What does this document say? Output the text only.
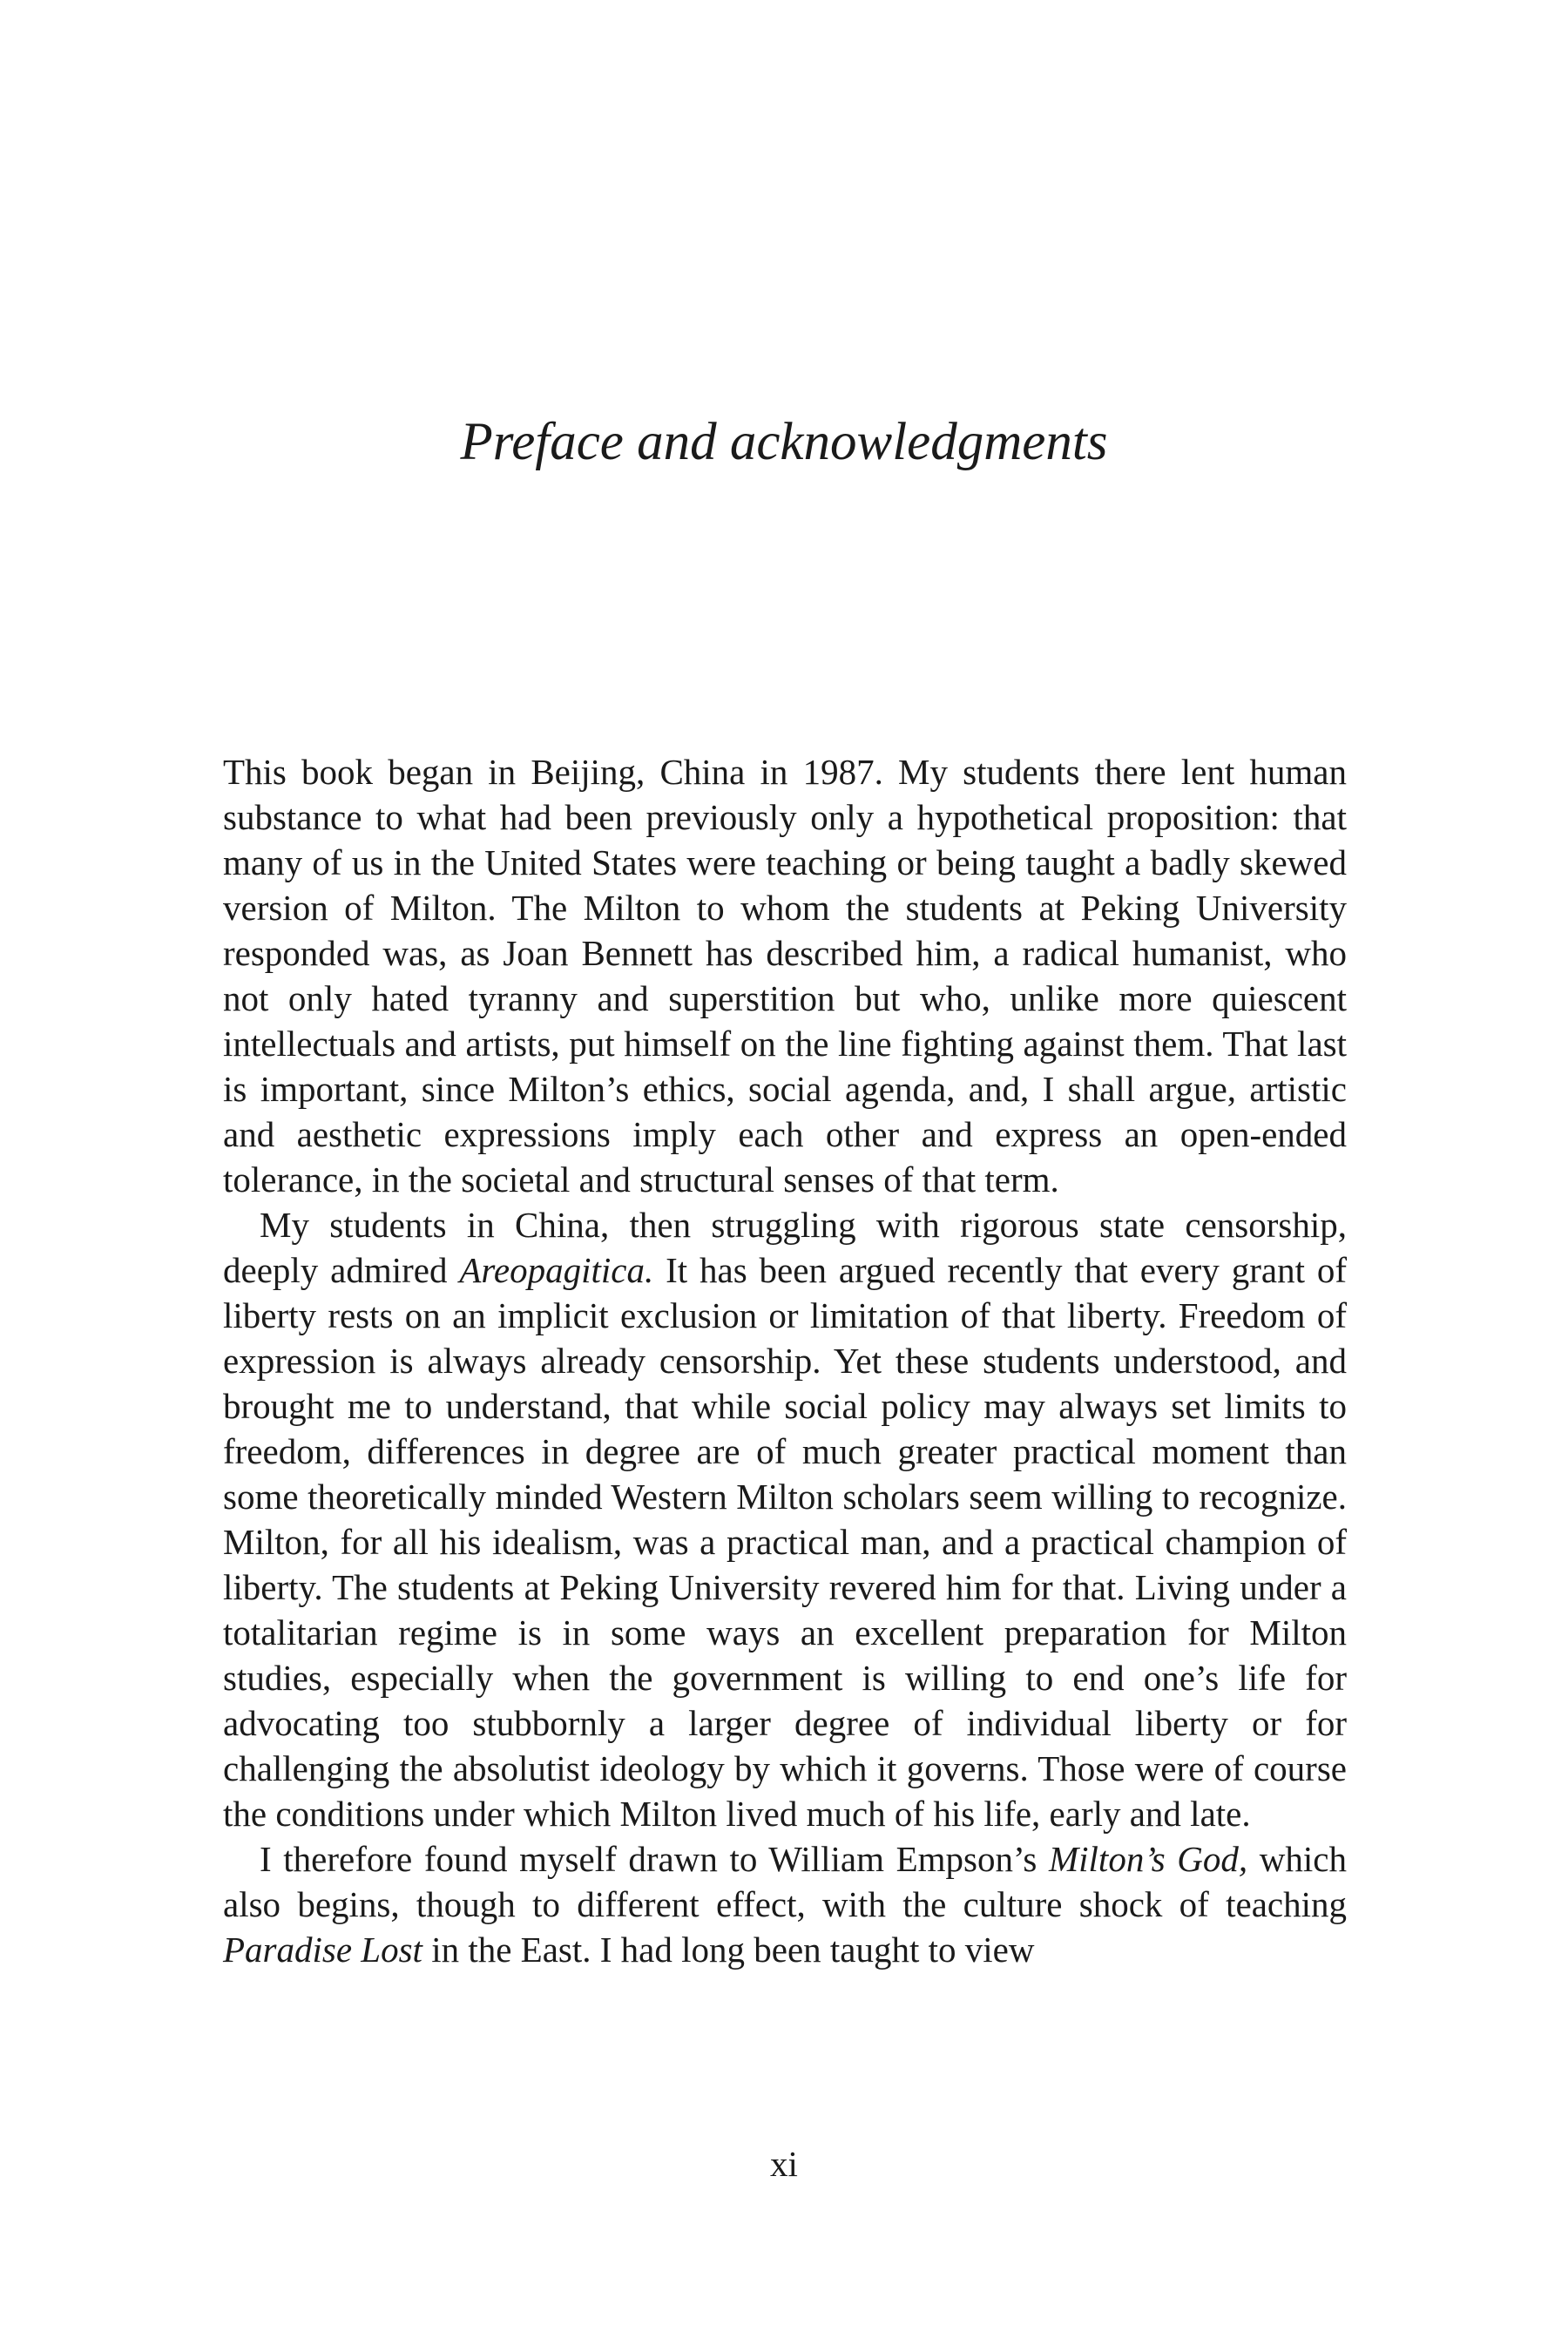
Preface and acknowledgments

This book began in Beijing, China in 1987. My students there lent human substance to what had been previously only a hypothetical proposition: that many of us in the United States were teaching or being taught a badly skewed version of Milton. The Milton to whom the students at Peking University responded was, as Joan Bennett has described him, a radical humanist, who not only hated tyranny and superstition but who, unlike more quiescent intellectuals and artists, put himself on the line fighting against them. That last is important, since Milton’s ethics, social agenda, and, I shall argue, artistic and aesthetic expressions imply each other and express an open-ended tolerance, in the societal and structural senses of that term.

My students in China, then struggling with rigorous state censorship, deeply admired Areopagitica. It has been argued recently that every grant of liberty rests on an implicit exclusion or limitation of that liberty. Freedom of expression is always already censorship. Yet these students understood, and brought me to understand, that while social policy may always set limits to freedom, differences in degree are of much greater practical moment than some theoretically minded Western Milton scholars seem willing to recognize. Milton, for all his idealism, was a practical man, and a practical champion of liberty. The students at Peking University revered him for that. Living under a totalitarian regime is in some ways an excellent preparation for Milton studies, especially when the government is willing to end one’s life for advocating too stubbornly a larger degree of individual liberty or for challenging the absolutist ideology by which it governs. Those were of course the conditions under which Milton lived much of his life, early and late.

I therefore found myself drawn to William Empson’s Milton’s God, which also begins, though to different effect, with the culture shock of teaching Paradise Lost in the East. I had long been taught to view

xi
